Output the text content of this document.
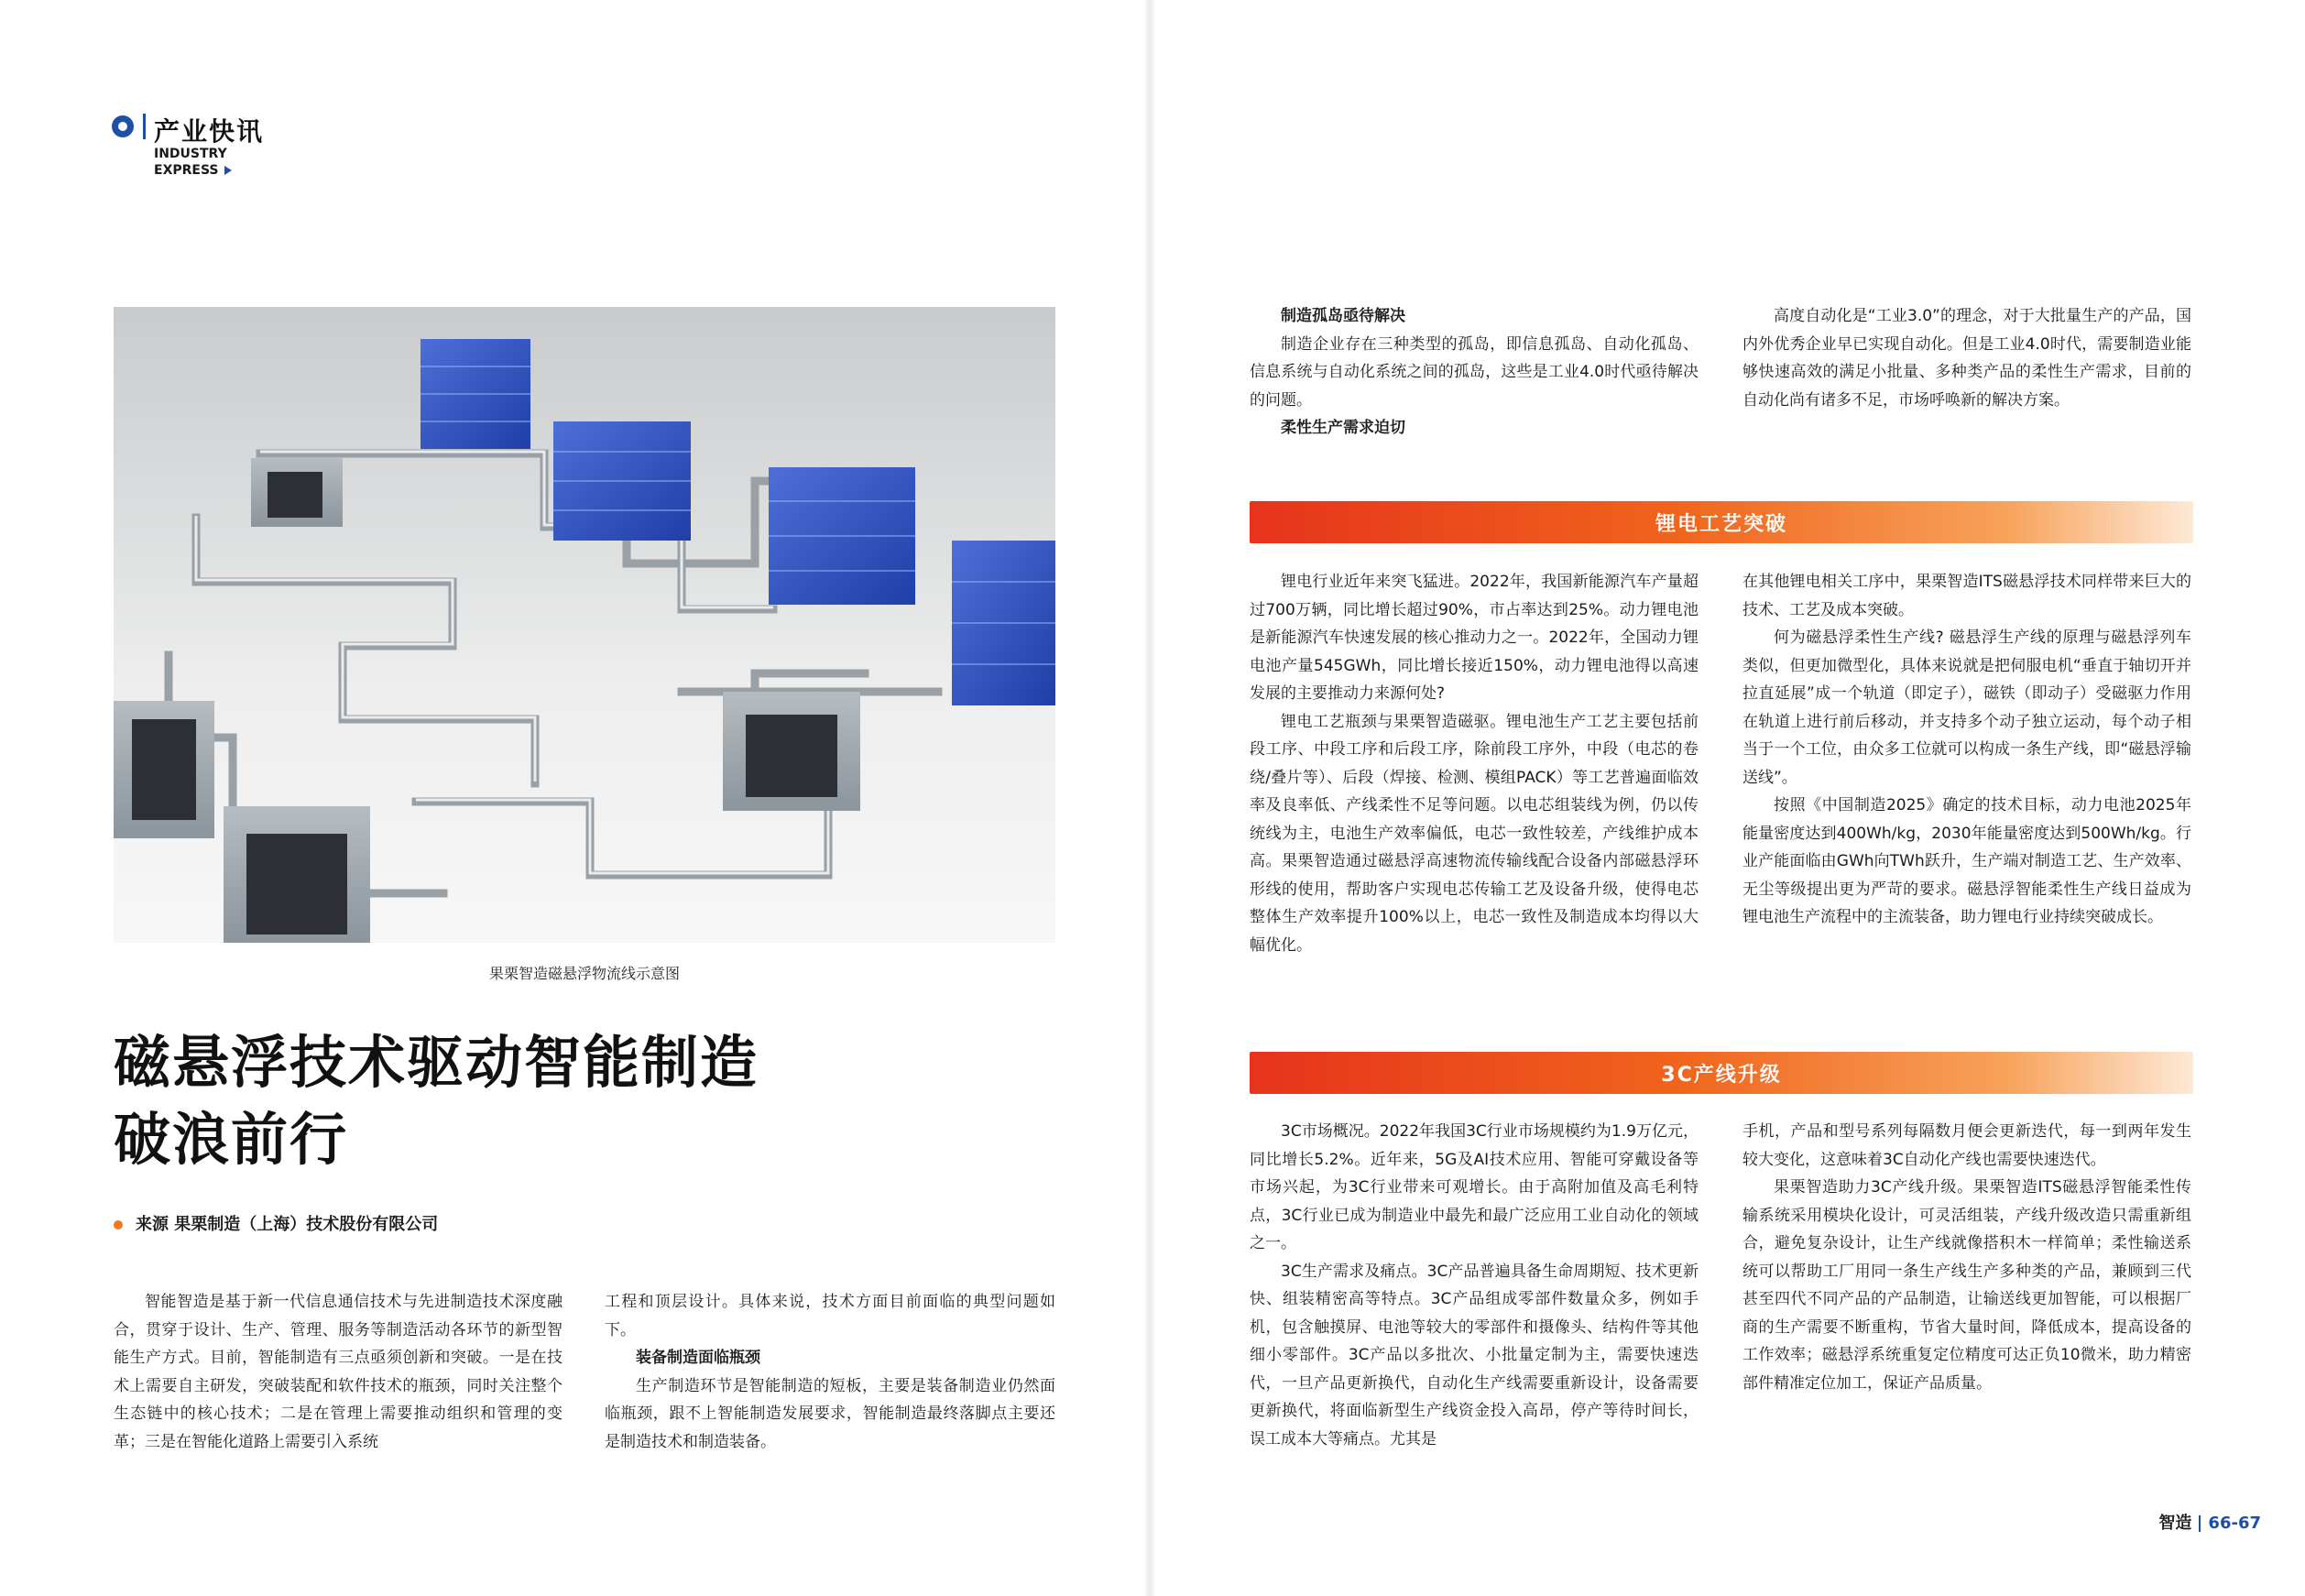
产业快讯
INDUSTRY
EXPRESS
果栗智造磁悬浮物流线示意图
磁悬浮技术驱动智能制造
破浪前行
来源 果栗制造（上海）技术股份有限公司

智能智造是基于新一代信息通信技术与先进制造技术深度融合，贯穿于设计、生产、管理、服务等制造活动各环节的新型智能生产方式。目前，智能制造有三点亟须创新和突破。一是在技术上需要自主研发，突破装配和软件技术的瓶颈，同时关注整个生态链中的核心技术；二是在管理上需要推动组织和管理的变革；三是在智能化道路上需要引入系统

工程和顶层设计。具体来说，技术方面目前面临的典型问题如下。

装备制造面临瓶颈

生产制造环节是智能制造的短板，主要是装备制造业仍然面临瓶颈，跟不上智能制造发展要求，智能制造最终落脚点主要还是制造技术和制造装备。

制造孤岛亟待解决

制造企业存在三种类型的孤岛，即信息孤岛、自动化孤岛、信息系统与自动化系统之间的孤岛，这些是工业4.0时代亟待解决的问题。

柔性生产需求迫切

高度自动化是“工业3.0”的理念，对于大批量生产的产品，国内外优秀企业早已实现自动化。但是工业4.0时代，需要制造业能够快速高效的满足小批量、多种类产品的柔性生产需求，目前的自动化尚有诸多不足，市场呼唤新的解决方案。

锂电工艺突破

锂电行业近年来突飞猛进。2022年，我国新能源汽车产量超过700万辆，同比增长超过90%，市占率达到25%。动力锂电池是新能源汽车快速发展的核心推动力之一。2022年，全国动力锂电池产量545GWh，同比增长接近150%，动力锂电池得以高速发展的主要推动力来源何处?

锂电工艺瓶颈与果栗智造磁驱。锂电池生产工艺主要包括前段工序、中段工序和后段工序，除前段工序外，中段（电芯的卷绕/叠片等）、后段（焊接、检测、模组PACK）等工艺普遍面临效率及良率低、产线柔性不足等问题。以电芯组装线为例，仍以传统线为主，电池生产效率偏低，电芯一致性较差，产线维护成本高。果栗智造通过磁悬浮高速物流传输线配合设备内部磁悬浮环形线的使用，帮助客户实现电芯传输工艺及设备升级，使得电芯整体生产效率提升100%以上，电芯一致性及制造成本均得以大幅优化。

在其他锂电相关工序中，果栗智造ITS磁悬浮技术同样带来巨大的技术、工艺及成本突破。

何为磁悬浮柔性生产线? 磁悬浮生产线的原理与磁悬浮列车类似，但更加微型化，具体来说就是把伺服电机“垂直于轴切开并拉直延展”成一个轨道（即定子），磁铁（即动子）受磁驱力作用在轨道上进行前后移动，并支持多个动子独立运动，每个动子相当于一个工位，由众多工位就可以构成一条生产线，即“磁悬浮输送线”。

按照《中国制造2025》确定的技术目标，动力电池2025年能量密度达到400Wh/kg，2030年能量密度达到500Wh/kg。行业产能面临由GWh向TWh跃升，生产端对制造工艺、生产效率、无尘等级提出更为严苛的要求。磁悬浮智能柔性生产线日益成为锂电池生产流程中的主流装备，助力锂电行业持续突破成长。

3C产线升级

3C市场概况。2022年我国3C行业市场规模约为1.9万亿元，同比增长5.2%。近年来，5G及AI技术应用、智能可穿戴设备等市场兴起，为3C行业带来可观增长。由于高附加值及高毛利特点，3C行业已成为制造业中最先和最广泛应用工业自动化的领域之一。

3C生产需求及痛点。3C产品普遍具备生命周期短、技术更新快、组装精密高等特点。3C产品组成零部件数量众多，例如手机，包含触摸屏、电池等较大的零部件和摄像头、结构件等其他细小零部件。3C产品以多批次、小批量定制为主，需要快速迭代，一旦产品更新换代，自动化生产线需要重新设计，设备需要更新换代，将面临新型生产线资金投入高昂，停产等待时间长，误工成本大等痛点。尤其是

手机，产品和型号系列每隔数月便会更新迭代，每一到两年发生较大变化，这意味着3C自动化产线也需要快速迭代。

果栗智造助力3C产线升级。果栗智造ITS磁悬浮智能柔性传输系统采用模块化设计，可灵活组装，产线升级改造只需重新组合，避免复杂设计，让生产线就像搭积木一样简单；柔性输送系统可以帮助工厂用同一条生产线生产多种类的产品，兼顾到三代甚至四代不同产品的产品制造，让输送线更加智能，可以根据厂商的生产需要不断重构，节省大量时间，降低成本，提高设备的工作效率；磁悬浮系统重复定位精度可达正负10微米，助力精密部件精准定位加工，保证产品质量。

智造 66-67
